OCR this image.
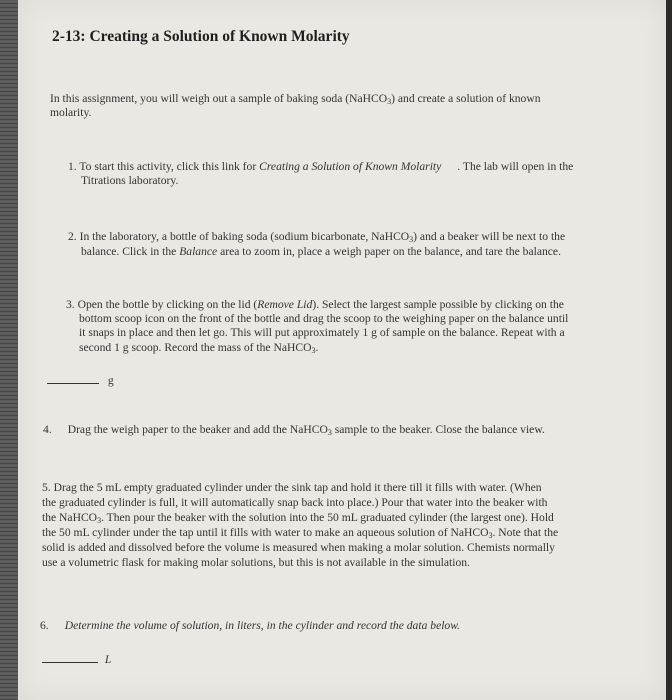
2-13: Creating a Solution of Known Molarity
In this assignment, you will weigh out a sample of baking soda (NaHCO$_3$) and create a solution of known
molarity.
1. To start this activity, click this link for Creating a Solution of Known Molarity . The lab will open in the
Titrations laboratory.
2. In the laboratory, a bottle of baking soda (sodium bicarbonate, NaHCO$_3$) and a beaker will be next to the
balance. Click in the Balance area to zoom in, place a weigh paper on the balance, and tare the balance.
3. Open the bottle by clicking on the lid (Remove Lid). Select the largest sample possible by clicking on the
bottom scoop icon on the front of the bottle and drag the scoop to the weighing paper on the balance until
it snaps in place and then let go. This will put approximately 1 g of sample on the balance. Repeat with a
second 1 g scoop. Record the mass of the NaHCO$_3$.
g
4. Drag the weigh paper to the beaker and add the NaHCO$_3$ sample to the beaker. Close the balance view.
5. Drag the 5 mL empty graduated cylinder under the sink tap and hold it there till it fills with water. (When
the graduated cylinder is full, it will automatically snap back into place.) Pour that water into the beaker with
the NaHCO$_3$. Then pour the beaker with the solution into the 50 mL graduated cylinder (the largest one). Hold
the 50 mL cylinder under the tap until it fills with water to make an aqueous solution of NaHCO$_3$. Note that the
solid is added and dissolved before the volume is measured when making a molar solution. Chemists normally
use a volumetric flask for making molar solutions, but this is not available in the simulation.
6. Determine the volume of solution, in liters, in the cylinder and record the data below.
L
